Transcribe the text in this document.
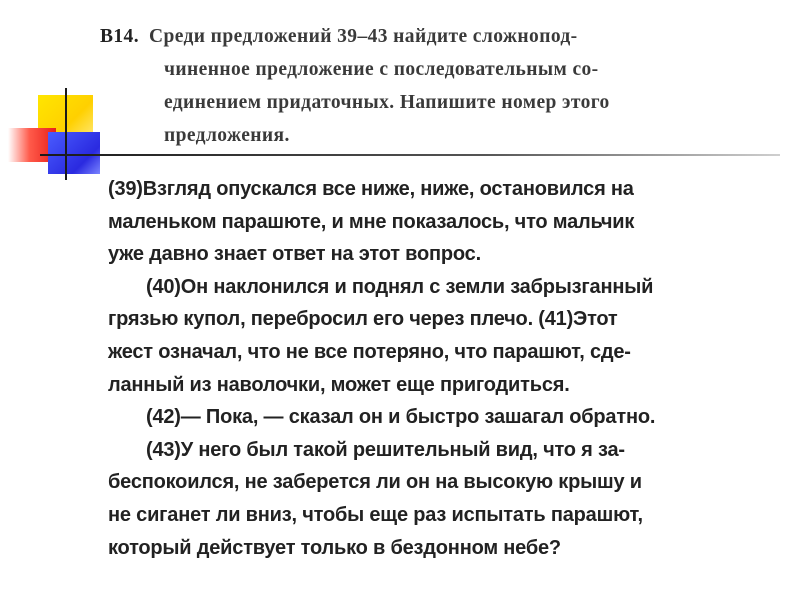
В14. Среди предложений 39–43 найдите сложнопод-
чиненное предложение с последовательным со-
единением придаточных. Напишите номер этого
предложения.
(39)Взгляд опускался все ниже, ниже, остановился на
маленьком парашюте, и мне показалось, что мальчик
уже давно знает ответ на этот вопрос.
(40)Он наклонился и поднял с земли забрызганный
грязью купол, перебросил его через плечо. (41)Этот
жест означал, что не все потеряно, что парашют, сде-
ланный из наволочки, может еще пригодиться.
(42)— Пока, — сказал он и быстро зашагал обратно.
(43)У него был такой решительный вид, что я за-
беспокоился, не заберется ли он на высокую крышу и
не сиганет ли вниз, чтобы еще раз испытать парашют,
который действует только в бездонном небе?
